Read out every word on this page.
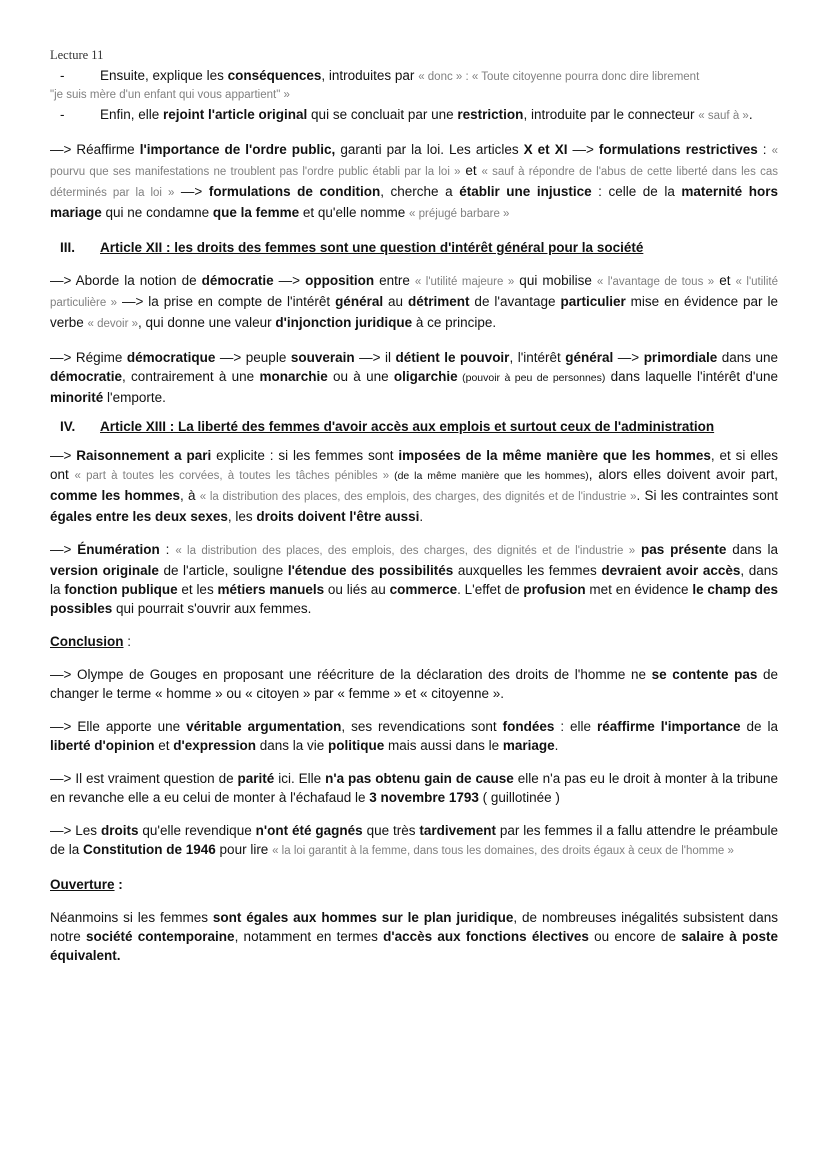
Lecture 11

-	Ensuite, explique les conséquences, introduites par « donc » : « Toute citoyenne pourra donc dire librement

"je suis mère d'un enfant qui vous appartient" »

-	Enfin, elle rejoint l'article original qui se concluait par une restriction, introduite par le connecteur « sauf à ».

—> Réaffirme l'importance de l'ordre public, garanti par la loi. Les articles X et XI —> formulations restrictives : « pourvu que ses manifestations ne troublent pas l'ordre public établi par la loi » et « sauf à répondre de l'abus de cette liberté dans les cas déterminés par la loi » —> formulations de condition, cherche a établir une injustice : celle de la maternité hors mariage qui ne condamne que la femme et qu'elle nomme « préjugé barbare »

III.	Article XII : les droits des femmes sont une question d'intérêt général pour la société

—> Aborde la notion de démocratie —> opposition entre « l'utilité majeure » qui mobilise « l'avantage de tous » et « l'utilité particulière » —> la prise en compte de l'intérêt général au détriment de l'avantage particulier mise en évidence par le verbe « devoir », qui donne une valeur d'injonction juridique à ce principe.

—> Régime démocratique —> peuple souverain —> il détient le pouvoir, l'intérêt général —> primordiale dans une démocratie, contrairement à une monarchie ou à une oligarchie (pouvoir à peu de personnes) dans laquelle l'intérêt d'une minorité l'emporte.

IV.	Article XIII : La liberté des femmes d'avoir accès aux emplois et surtout ceux de l'administration

—> Raisonnement a pari explicite : si les femmes sont imposées de la même manière que les hommes, et si elles ont « part à toutes les corvées, à toutes les tâches pénibles » (de la même manière que les hommes), alors elles doivent avoir part, comme les hommes, à « la distribution des places, des emplois, des charges, des dignités et de l'industrie ». Si les contraintes sont égales entre les deux sexes, les droits doivent l'être aussi.

—> Énumération : « la distribution des places, des emplois, des charges, des dignités et de l'industrie » pas présente dans la version originale de l'article, souligne l'étendue des possibilités auxquelles les femmes devraient avoir accès, dans la fonction publique et les métiers manuels ou liés au commerce. L'effet de profusion met en évidence le champ des possibles qui pourrait s'ouvrir aux femmes.

Conclusion :

—> Olympe de Gouges en proposant une réécriture de la déclaration des droits de l'homme ne se contente pas de changer le terme « homme » ou « citoyen » par « femme » et « citoyenne ».

—> Elle apporte une véritable argumentation, ses revendications sont fondées : elle réaffirme l'importance de la liberté d'opinion et d'expression dans la vie politique mais aussi dans le mariage.

—> Il est vraiment question de parité ici. Elle n'a pas obtenu gain de cause elle n'a pas eu le droit à monter à la tribune en revanche elle a eu celui de monter à l'échafaud le 3 novembre 1793 ( guillotinée )

—> Les droits qu'elle revendique n'ont été gagnés que très tardivement par les femmes il a fallu attendre le préambule de la Constitution de 1946 pour lire « la loi garantit à la femme, dans tous les domaines, des droits égaux à ceux de l'homme »

Ouverture :

Néanmoins si les femmes sont égales aux hommes sur le plan juridique, de nombreuses inégalités subsistent dans notre société contemporaine, notamment en termes d'accès aux fonctions électives ou encore de salaire à poste équivalent.
